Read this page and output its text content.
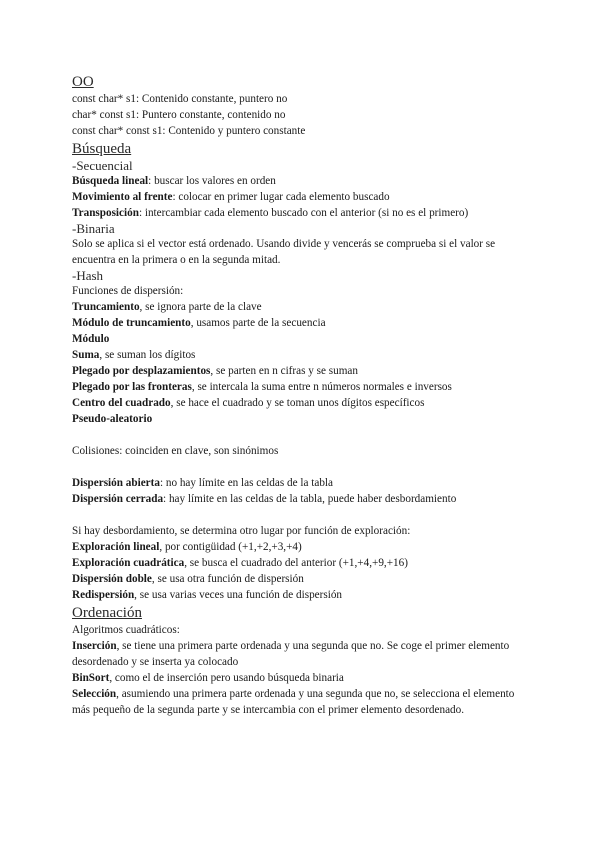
OO
const char* s1: Contenido constante, puntero no
char* const s1: Puntero constante, contenido no
const char* const s1: Contenido y puntero constante
Búsqueda
-Secuencial
Búsqueda lineal: buscar los valores en orden
Movimiento al frente: colocar en primer lugar cada elemento buscado
Transposición: intercambiar cada elemento buscado con el anterior (si no es el primero)
-Binaria
Solo se aplica si el vector está ordenado. Usando divide y vencerás se comprueba si el valor se encuentra en la primera o en la segunda mitad.
-Hash
Funciones de dispersión:
Truncamiento, se ignora parte de la clave
Módulo de truncamiento, usamos parte de la secuencia
Módulo
Suma, se suman los dígitos
Plegado por desplazamientos, se parten en n cifras y se suman
Plegado por las fronteras, se intercala la suma entre n números normales e inversos
Centro del cuadrado, se hace el cuadrado y se toman unos dígitos específicos
Pseudo-aleatorio
Colisiones: coinciden en clave, son sinónimos
Dispersión abierta: no hay límite en las celdas de la tabla
Dispersión cerrada: hay límite en las celdas de la tabla, puede haber desbordamiento
Si hay desbordamiento, se determina otro lugar por función de exploración:
Exploración lineal, por contigüidad (+1,+2,+3,+4)
Exploración cuadrática, se busca el cuadrado del anterior (+1,+4,+9,+16)
Dispersión doble, se usa otra función de dispersión
Redispersión, se usa varias veces una función de dispersión
Ordenación
Algoritmos cuadráticos:
Inserción, se tiene una primera parte ordenada y una segunda que no. Se coge el primer elemento desordenado y se inserta ya colocado
BinSort, como el de inserción pero usando búsqueda binaria
Selección, asumiendo una primera parte ordenada y una segunda que no, se selecciona el elemento más pequeño de la segunda parte y se intercambia con el primer elemento desordenado.
